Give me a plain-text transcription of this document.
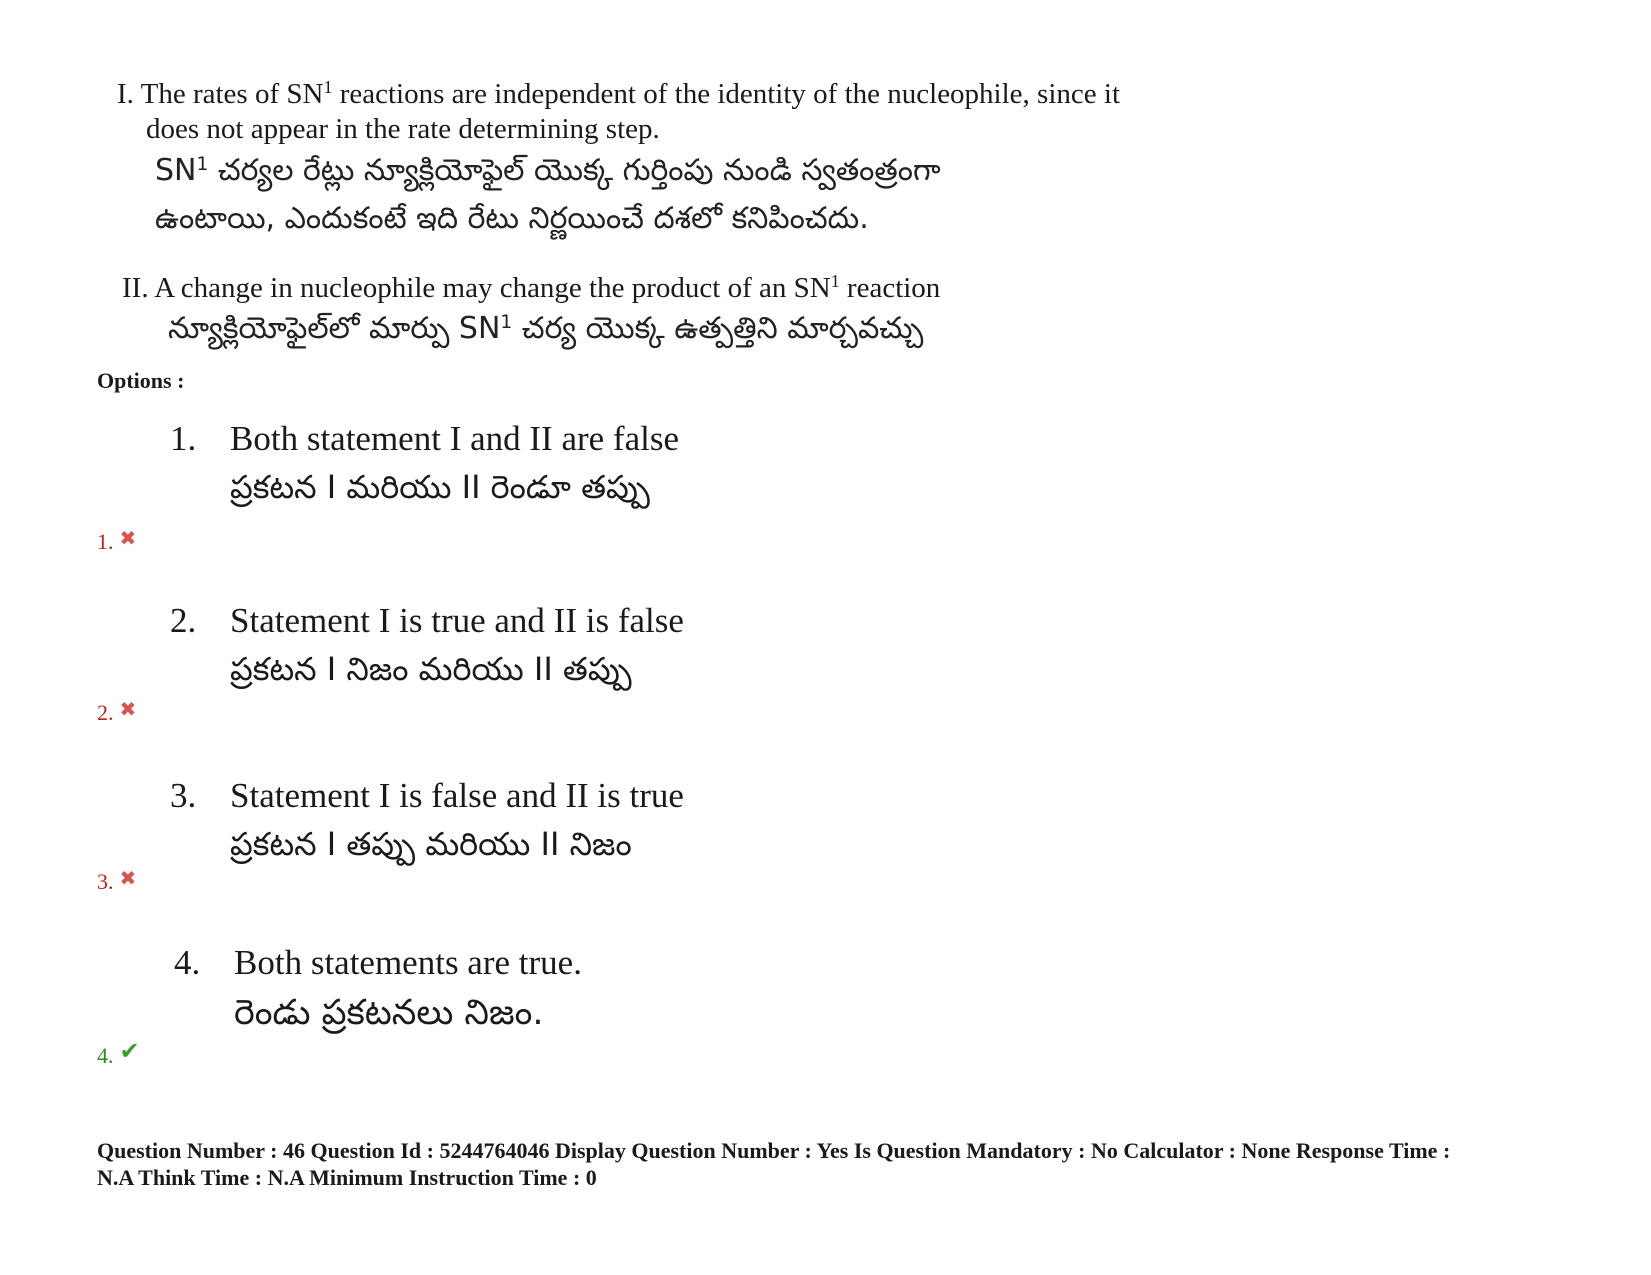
I. The rates of $SN^1$ reactions are independent of the identity of the nucleophile, since it
does not appear in the rate determining step.
$SN^1$ చర్యల రేట్లు న్యూక్లియోఫైల్ యొక్క గుర్తింపు నుండి స్వతంత్రంగా
ఉంటాయి, ఎందుకంటే ఇది రేటు నిర్ణయించే దశలో కనిపించదు.
II. A change in nucleophile may change the product of an $SN^1$ reaction
న్యూక్లియోఫైల్‌లో మార్పు $SN^1$ చర్య యొక్క ఉత్పత్తిని మార్చవచ్చు
Options :
1. Both statement I and II are false
ప్రకటన I మరియు II రెండూ తప్పు
1. ✖
2. Statement I is true and II is false
ప్రకటన I నిజం మరియు II తప్పు
2. ✖
3. Statement I is false and II is true
ప్రకటన I తప్పు మరియు II నిజం
3. ✖
4. Both statements are true.
రెండు ప్రకటనలు నిజం.
4. ✔
Question Number : 46 Question Id : 5244764046 Display Question Number : Yes Is Question Mandatory : No Calculator : None Response Time :
N.A Think Time : N.A Minimum Instruction Time : 0
